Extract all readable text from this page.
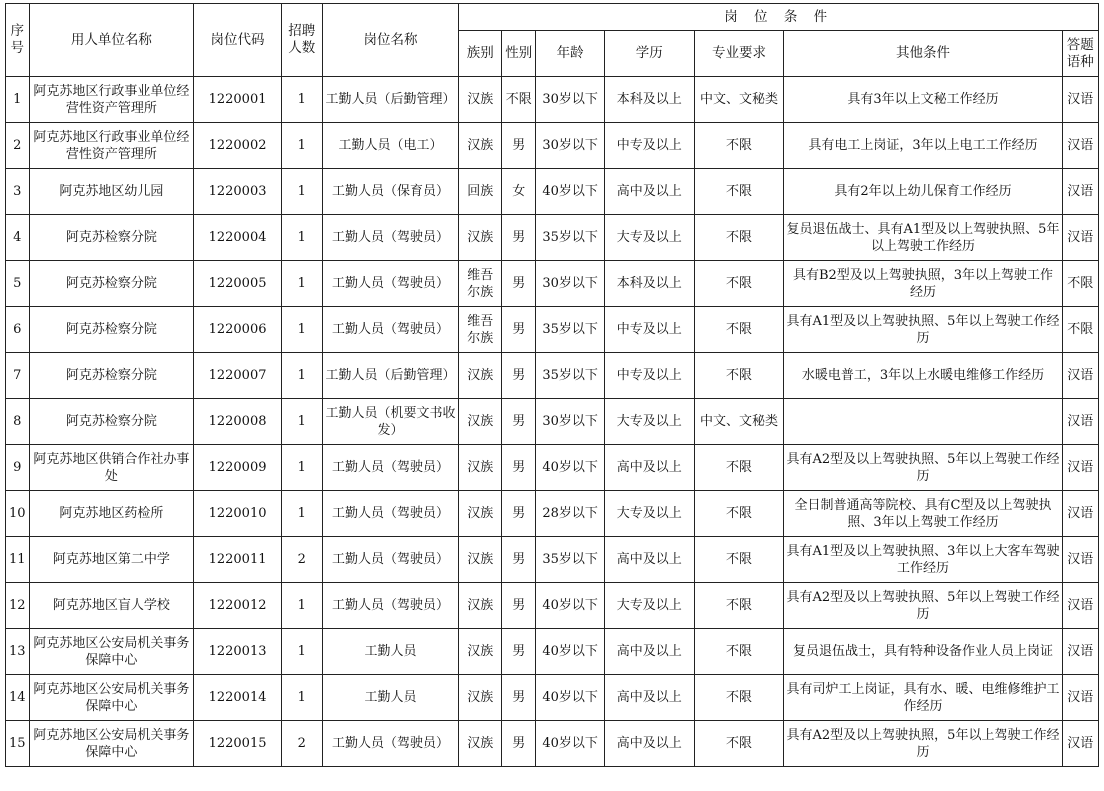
序号	用人单位名称	岗位代码	招聘人数	岗位名称	岗 位 条 件						
					族别	性别	年龄	学历	专业要求	其他条件	答题语种
1	阿克苏地区行政事业单位经营性资产管理所	1220001	1	工勤人员（后勤管理）	汉族	不限	30岁以下	本科及以上	中文、文秘类	具有3年以上文秘工作经历	汉语
2	阿克苏地区行政事业单位经营性资产管理所	1220002	1	工勤人员（电工）	汉族	男	30岁以下	中专及以上	不限	具有电工上岗证，3年以上电工工作经历	汉语
3	阿克苏地区幼儿园	1220003	1	工勤人员（保育员）	回族	女	40岁以下	高中及以上	不限	具有2年以上幼儿保育工作经历	汉语
4	阿克苏检察分院	1220004	1	工勤人员（驾驶员）	汉族	男	35岁以下	大专及以上	不限	复员退伍战士、具有A1型及以上驾驶执照、5年以上驾驶工作经历	汉语
5	阿克苏检察分院	1220005	1	工勤人员（驾驶员）	维吾尔族	男	30岁以下	本科及以上	不限	具有B2型及以上驾驶执照，3年以上驾驶工作经历	不限
6	阿克苏检察分院	1220006	1	工勤人员（驾驶员）	维吾尔族	男	35岁以下	中专及以上	不限	具有A1型及以上驾驶执照、5年以上驾驶工作经历	不限
7	阿克苏检察分院	1220007	1	工勤人员（后勤管理）	汉族	男	35岁以下	中专及以上	不限	水暖电普工，3年以上水暖电维修工作经历	汉语
8	阿克苏检察分院	1220008	1	工勤人员（机要文书收发）	汉族	男	30岁以下	大专及以上	中文、文秘类		汉语
9	阿克苏地区供销合作社办事处	1220009	1	工勤人员（驾驶员）	汉族	男	40岁以下	高中及以上	不限	具有A2型及以上驾驶执照、5年以上驾驶工作经历	汉语
10	阿克苏地区药检所	1220010	1	工勤人员（驾驶员）	汉族	男	28岁以下	大专及以上	不限	全日制普通高等院校、具有C型及以上驾驶执照、3年以上驾驶工作经历	汉语
11	阿克苏地区第二中学	1220011	2	工勤人员（驾驶员）	汉族	男	35岁以下	高中及以上	不限	具有A1型及以上驾驶执照、3年以上大客车驾驶工作经历	汉语
12	阿克苏地区盲人学校	1220012	1	工勤人员（驾驶员）	汉族	男	40岁以下	大专及以上	不限	具有A2型及以上驾驶执照、5年以上驾驶工作经历	汉语
13	阿克苏地区公安局机关事务保障中心	1220013	1	工勤人员	汉族	男	40岁以下	高中及以上	不限	复员退伍战士，具有特种设备作业人员上岗证	汉语
14	阿克苏地区公安局机关事务保障中心	1220014	1	工勤人员	汉族	男	40岁以下	高中及以上	不限	具有司炉工上岗证，具有水、暖、电维修维护工作经历	汉语
15	阿克苏地区公安局机关事务保障中心	1220015	2	工勤人员（驾驶员）	汉族	男	40岁以下	高中及以上	不限	具有A2型及以上驾驶执照，5年以上驾驶工作经历	汉语
